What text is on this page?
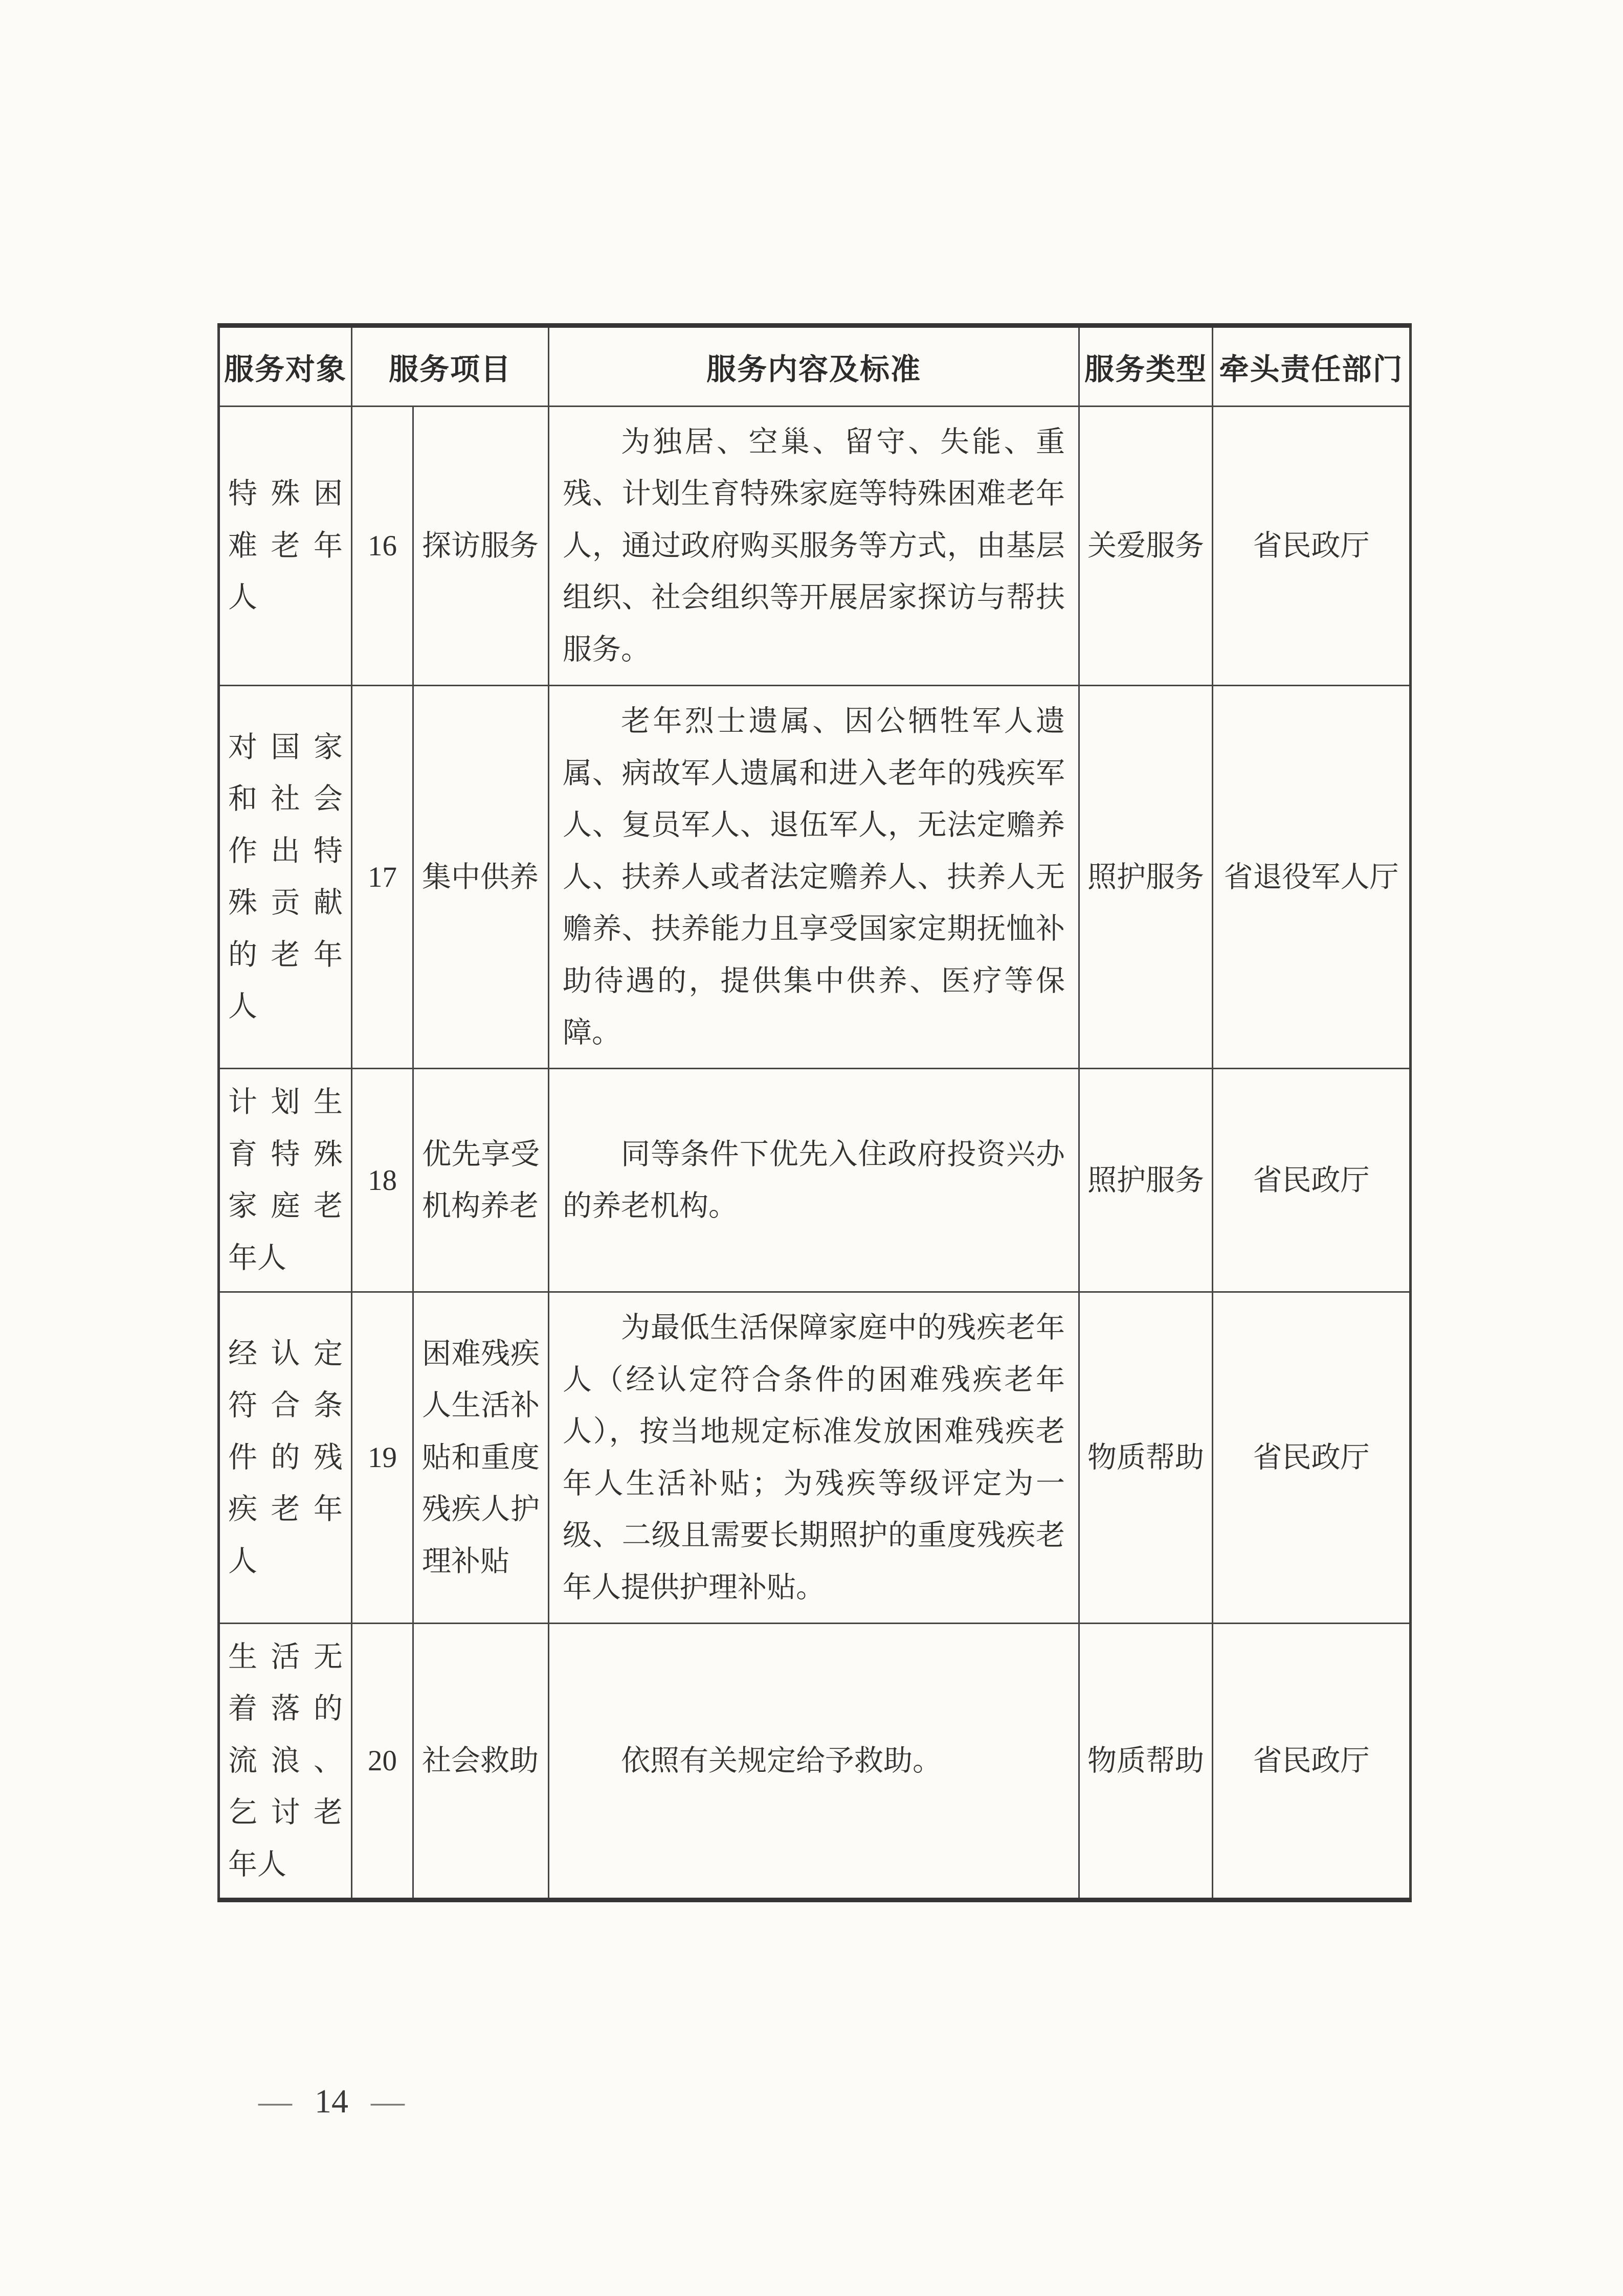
服务对象	服务项目		服务内容及标准	服务类型	牵头责任部门
特殊困难老年人	16	探访服务	为独居、空巢、留守、失能、重残、计划生育特殊家庭等特殊困难老年人，通过政府购买服务等方式，由基层组织、社会组织等开展居家探访与帮扶服务。	关爱服务	省民政厅
对国家和社会作出特殊贡献的老年人	17	集中供养	老年烈士遗属、因公牺牲军人遗属、病故军人遗属和进入老年的残疾军人、复员军人、退伍军人，无法定赡养人、扶养人或者法定赡养人、扶养人无赡养、扶养能力且享受国家定期抚恤补助待遇的，提供集中供养、医疗等保障。	照护服务	省退役军人厅
计划生育特殊家庭老年人	18	优先享受机构养老	同等条件下优先入住政府投资兴办的养老机构。	照护服务	省民政厅
经认定符合条件的残疾老年人	19	困难残疾人生活补贴和重度残疾人护理补贴	为最低生活保障家庭中的残疾老年人（经认定符合条件的困难残疾老年人），按当地规定标准发放困难残疾老年人生活补贴；为残疾等级评定为一级、二级且需要长期照护的重度残疾老年人提供护理补贴。	物质帮助	省民政厅
生活无着落的流浪、乞讨老年人	20	社会救助	依照有关规定给予救助。	物质帮助	省民政厅
— 14 —
